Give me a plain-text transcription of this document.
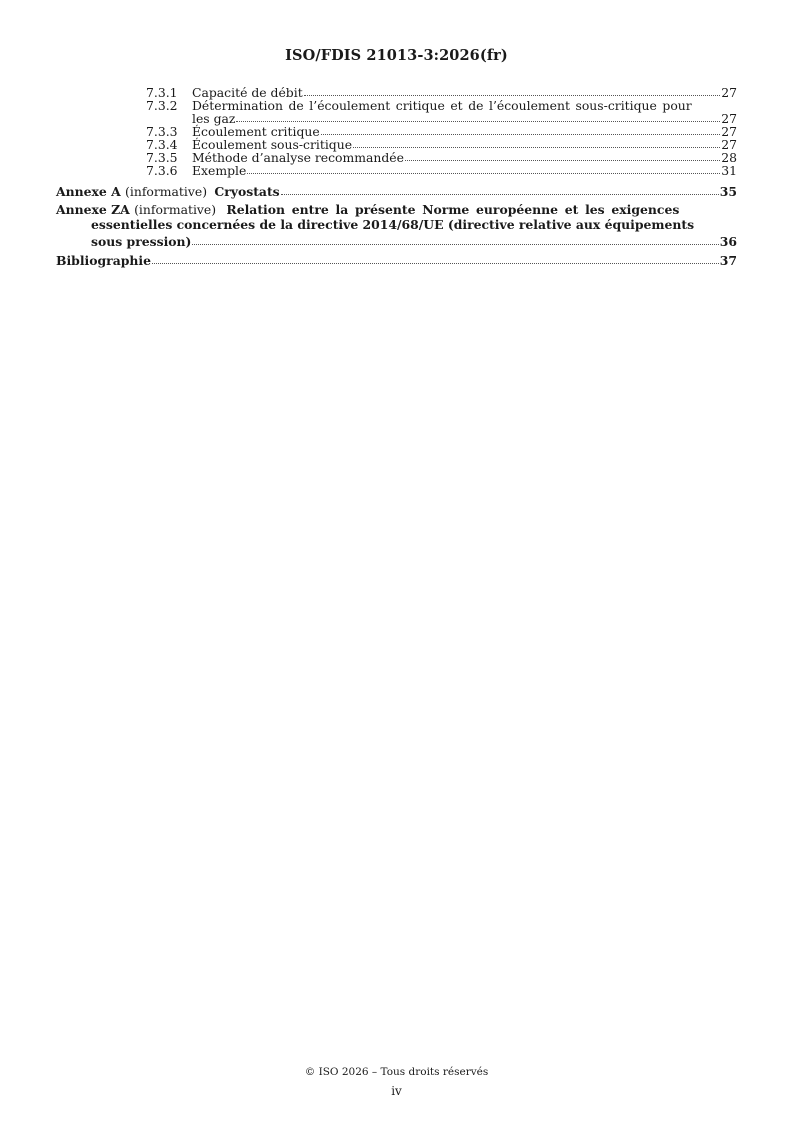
ISO/FDIS 21013-3:2026(fr)
7.3.1	Capacité de débit	27
7.3.2	Détermination de l’écoulement critique et de l’écoulement sous-critique pour
les gaz	27
7.3.3	Écoulement critique	27
7.3.4	Écoulement sous-critique	27
7.3.5	Méthode d’analyse recommandée	28
7.3.6	Exemple	31
Annexe A (informative) Cryostats	35
Annexe ZA (informative) Relation entre la présente Norme européenne et les exigences
essentielles concernées de la directive 2014/68/UE (directive relative aux équipements
sous pression)	36
Bibliographie	37
© ISO 2026 – Tous droits réservés
iv
